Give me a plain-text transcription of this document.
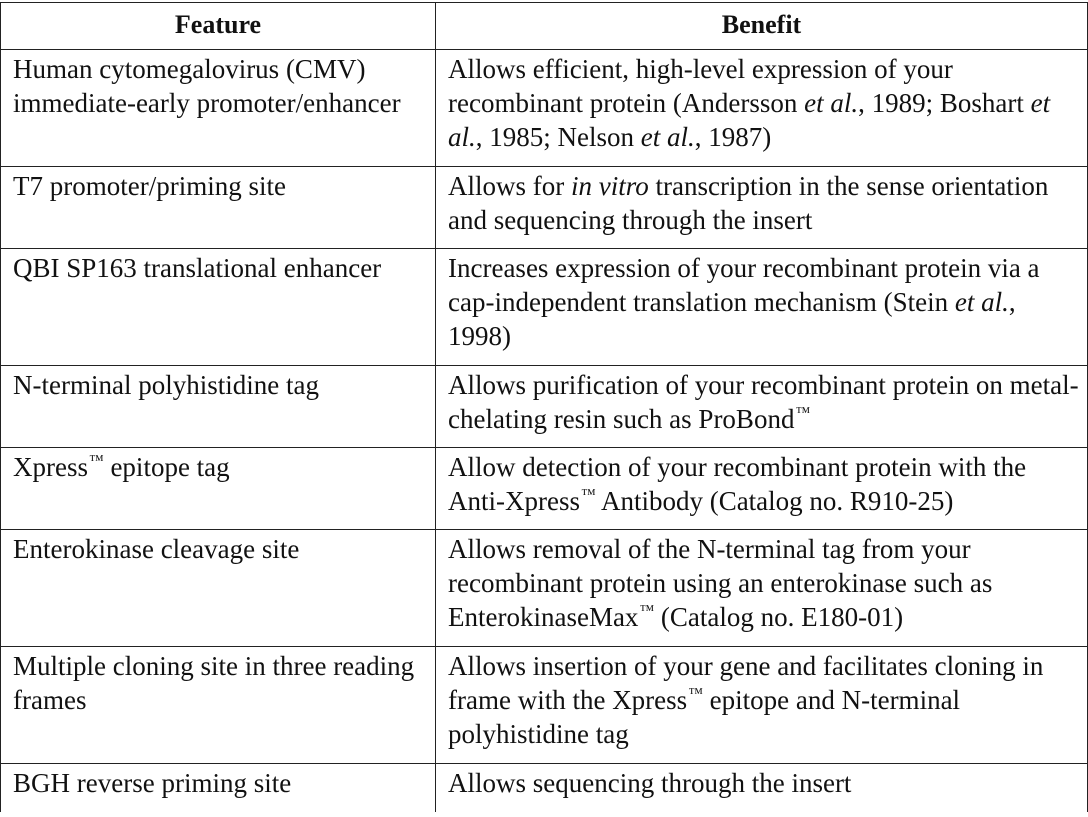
Feature	Benefit
Human cytomegalovirus (CMV) immediate-early promoter/enhancer	Allows efficient, high-level expression of your recombinant protein (Andersson et al., 1989; Boshart et al., 1985; Nelson et al., 1987)
T7 promoter/priming site	Allows for in vitro transcription in the sense orientation and sequencing through the insert
QBI SP163 translational enhancer	Increases expression of your recombinant protein via a cap-independent translation mechanism (Stein et al., 1998)
N-terminal polyhistidine tag	Allows purification of your recombinant protein on metal-chelating resin such as ProBond™
Xpress™ epitope tag	Allow detection of your recombinant protein with the Anti-Xpress™ Antibody (Catalog no. R910-25)
Enterokinase cleavage site	Allows removal of the N-terminal tag from your recombinant protein using an enterokinase such as EnterokinaseMax™ (Catalog no. E180-01)
Multiple cloning site in three reading frames	Allows insertion of your gene and facilitates cloning in frame with the Xpress™ epitope and N-terminal polyhistidine tag
BGH reverse priming site	Allows sequencing through the insert
